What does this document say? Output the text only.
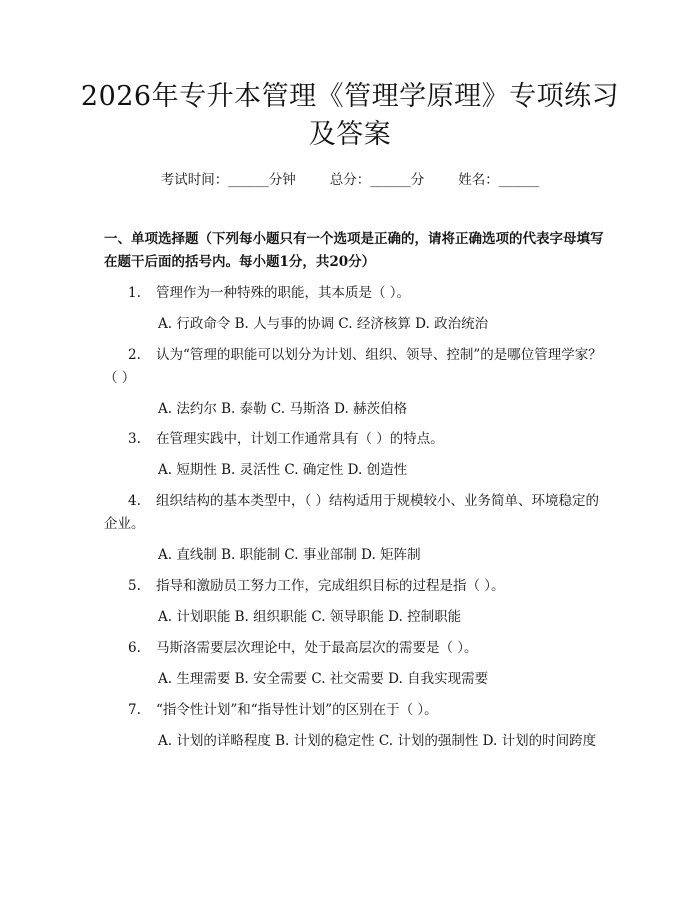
2026年专升本管理《管理学原理》专项练习
及答案
考试时间：______分钟	总分：______分	姓名：______
一、单项选择题（下列每小题只有一个选项是正确的，请将正确选项的代表字母填写在题干后面的括号内。每小题1分，共20分）
1. 管理作为一种特殊的职能，其本质是（ ）。
A. 行政命令 B. 人与事的协调 C. 经济核算 D. 政治统治
2. 认为“管理的职能可以划分为计划、组织、领导、控制”的是哪位管理学家？（ ）
A. 法约尔 B. 泰勒 C. 马斯洛 D. 赫茨伯格
3. 在管理实践中，计划工作通常具有（ ）的特点。
A. 短期性 B. 灵活性 C. 确定性 D. 创造性
4. 组织结构的基本类型中，（ ）结构适用于规模较小、业务简单、环境稳定的企业。
A. 直线制 B. 职能制 C. 事业部制 D. 矩阵制
5. 指导和激励员工努力工作，完成组织目标的过程是指（ ）。
A. 计划职能 B. 组织职能 C. 领导职能 D. 控制职能
6. 马斯洛需要层次理论中，处于最高层次的需要是（ ）。
A. 生理需要 B. 安全需要 C. 社交需要 D. 自我实现需要
7. “指令性计划”和“指导性计划”的区别在于（ ）。
A. 计划的详略程度 B. 计划的稳定性 C. 计划的强制性 D. 计划的时间跨度
